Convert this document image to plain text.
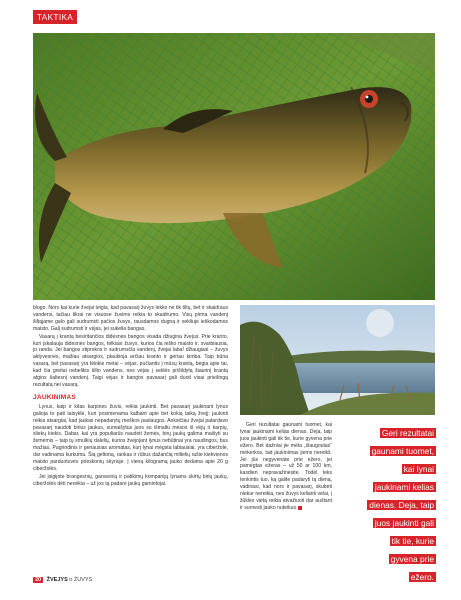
TAKTIKA

blogo. Nors kai kurie žvejai teigia, kad pavasarį žuvys lekko ne tik tiltų, bet ir skaidraus vandens, tačiau tikrai ne visuose žuvims reikia to skaidrumo. Visų pirma vandenį šiltąjame galo gali sudrumsti pačios žuvys, rausdamos dugną ir sekliuje ieškodamos maisto. Galį sudrumsti ir vėjas, jei sukelia bangas.

Vasarą į krantą besiritančios didesnės bangos visada džiugina žvejus. Prie kranto, kuri įskalauja didesnės bangos, telkiasi žuvys, kurios čia ieško maisto ir, svarbiausia, jo randa. Jei bangos stiprokos ir sudrumsčia vandenį, žvejai laba! džiaugiasi – žuvys aktyvesnės, mažiau atsargios, plaukioja arčiau kranto ir geriau kimba. Taip būna vasarą, bet pavasarį yra kitokie metai – vėjas, pučiantis į mūsų krantą, bėgia apie tai, kad čia greitai nebelikis šilto vandens, nes vėjas į seklės prišildytą šiaurinį krantą atgins šaltesnį vandenį. Taigi vėjas ir bangos pavasarį gali duoti visai priešingą rezultatą nei vasarą.

JAUKINIMAS

Lynus, kaip ir kitas karpines žuvis, reikia jaukinti. Bet pavasarį jaukinant lynus galioja to pati taisyklė, kuri prisimenama kalbant apie bet kokią taiką žvejį: jaukinti reikia atsargiai, kad jaukas nepadarytų meškos paslaugos. Ankstčiau žvejai patardavo pavasarį naudoti birius jaukus, sumaišytus juos su išmaltu mėsos iš vėjų ir karpių, sliekų kiekis. Dabar, kai yra populiarūs naudoti žemės, birų jaukų galima maišyti su žemėmis – taip tų smulkių dalelių, kurios žvejojant lynus nebūtinai yra naudingos, bus mažiau. Pagrindinis ir geriausias aromatas, kurį lynai mėgsta labiausiai, yra ciberžolė, dar vadinama kurkuma. Šią geltoną, rankas ir rūbus dažančią miltelių rašie kiekvienos maisto parduotuvės prieskonių skyriuje. Į vieną kilogramą jauko dedama apie 20 g ciberžolės.

Jei įsigijote brangesnių, garsesnių ir patikimų kompanijų lynams skirtų birių jaukų, ciberžolės dėti nereikia – už jos tą padarė jaukų gamintojai.

Geri rezultatai gaunami tuomet, kai lynai jaukinami kelias dienas. Deja, taip juos jaukinti gali tik tie, kurie gyvena prie ežero. Bet dažniai jie mėta „išaugoutas“ mėkerkos, tad jaukinimas jiems nereikš. Jei jūs negyvenate prie ežero, jei pamėgtas ežeras – už 50 ar 100 km, kasdien nepravažinėsite. Todėl teks tenkintis tuo, ką galite padaryti tą dieną, vadinasi, kad nors ir pavasarį, skubėti niekur nereikia, nes žuvys kelianti vėlai, į žūklės vietą reikia atvažiuoti dar auštant ir surnesti jauko nuteikus.

Geri rezultatai
gaunami tuomet,
kai lynai
jaukinami kelias
dienas. Deja, taip
juos jaukinti gali
tik tie, kurie
gyvena prie
ežero.
20 ŽVEJYS ir ŽUVYS
